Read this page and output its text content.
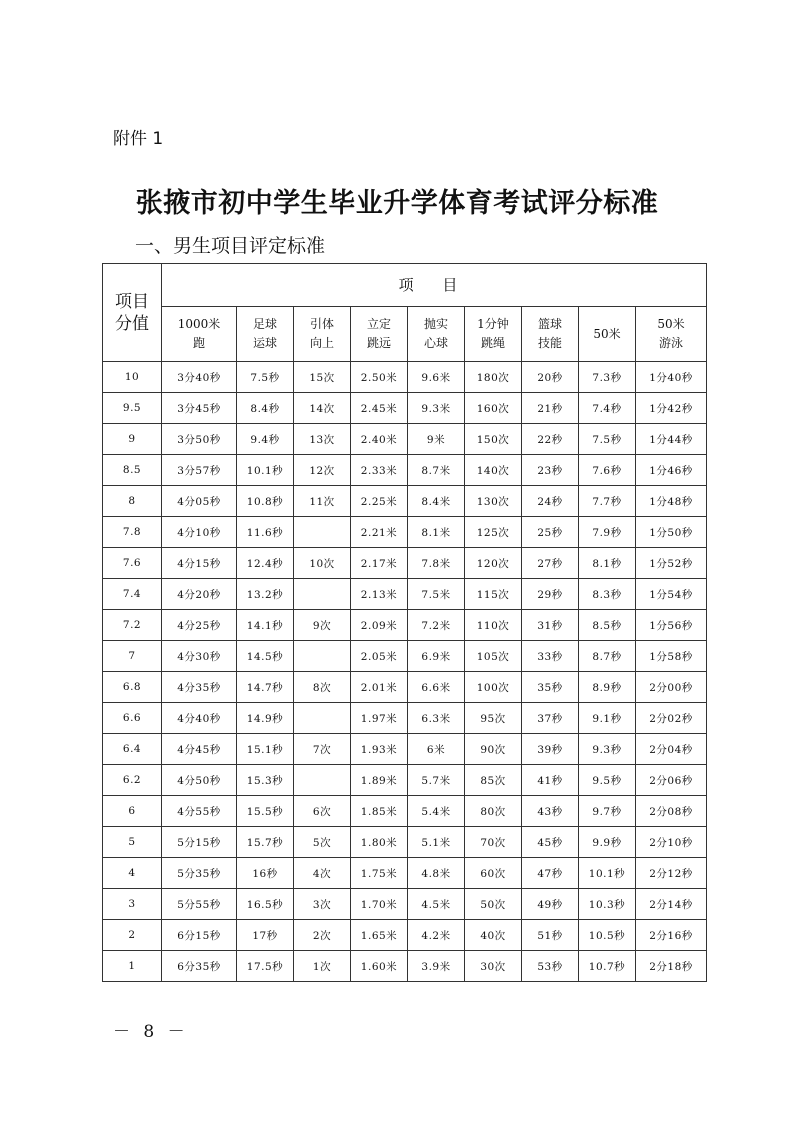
附件 1
张掖市初中学生毕业升学体育考试评分标准
一、男生项目评定标准
项目分值	项 目								
	1000米跑	足球运球	引体向上	立定跳远	抛实心球	1分钟跳绳	篮球技能	50米	50米游泳
10	3分40秒	7.5秒	15次	2.50米	9.6米	180次	20秒	7.3秒	1分40秒
9.5	3分45秒	8.4秒	14次	2.45米	9.3米	160次	21秒	7.4秒	1分42秒
9	3分50秒	9.4秒	13次	2.40米	9米	150次	22秒	7.5秒	1分44秒
8.5	3分57秒	10.1秒	12次	2.33米	8.7米	140次	23秒	7.6秒	1分46秒
8	4分05秒	10.8秒	11次	2.25米	8.4米	130次	24秒	7.7秒	1分48秒
7.8	4分10秒	11.6秒		2.21米	8.1米	125次	25秒	7.9秒	1分50秒
7.6	4分15秒	12.4秒	10次	2.17米	7.8米	120次	27秒	8.1秒	1分52秒
7.4	4分20秒	13.2秒		2.13米	7.5米	115次	29秒	8.3秒	1分54秒
7.2	4分25秒	14.1秒	9次	2.09米	7.2米	110次	31秒	8.5秒	1分56秒
7	4分30秒	14.5秒		2.05米	6.9米	105次	33秒	8.7秒	1分58秒
6.8	4分35秒	14.7秒	8次	2.01米	6.6米	100次	35秒	8.9秒	2分00秒
6.6	4分40秒	14.9秒		1.97米	6.3米	95次	37秒	9.1秒	2分02秒
6.4	4分45秒	15.1秒	7次	1.93米	6米	90次	39秒	9.3秒	2分04秒
6.2	4分50秒	15.3秒		1.89米	5.7米	85次	41秒	9.5秒	2分06秒
6	4分55秒	15.5秒	6次	1.85米	5.4米	80次	43秒	9.7秒	2分08秒
5	5分15秒	15.7秒	5次	1.80米	5.1米	70次	45秒	9.9秒	2分10秒
4	5分35秒	16秒	4次	1.75米	4.8米	60次	47秒	10.1秒	2分12秒
3	5分55秒	16.5秒	3次	1.70米	4.5米	50次	49秒	10.3秒	2分14秒
2	6分15秒	17秒	2次	1.65米	4.2米	40次	51秒	10.5秒	2分16秒
1	6分35秒	17.5秒	1次	1.60米	3.9米	30次	53秒	10.7秒	2分18秒
－ 8 －
